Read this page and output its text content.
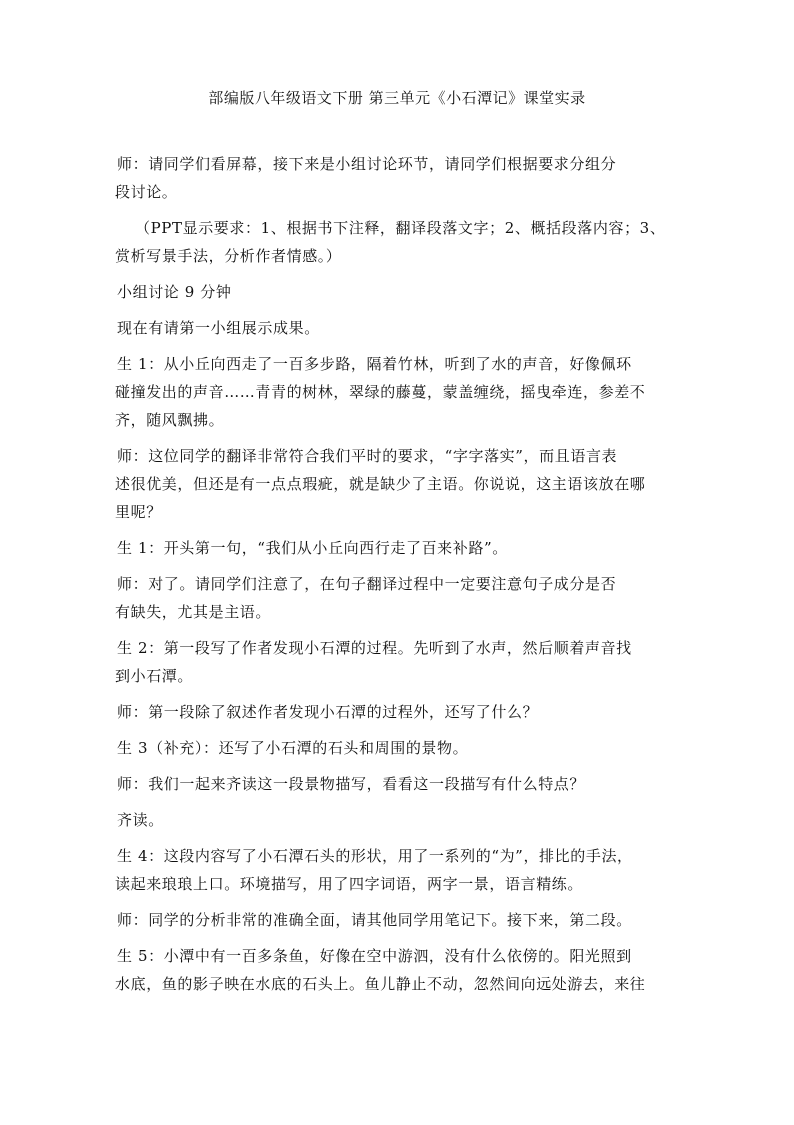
部编版八年级语文下册 第三单元《小石潭记》课堂实录
师：请同学们看屏幕，接下来是小组讨论环节，请同学们根据要求分组分
段讨论。
（PPT显示要求：1、根据书下注释，翻译段落文字；2、概括段落内容；3、
赏析写景手法，分析作者情感。）
小组讨论 9 分钟
现在有请第一小组展示成果。
生 1：从小丘向西走了一百多步路，隔着竹林，听到了水的声音，好像佩环
碰撞发出的声音……青青的树林，翠绿的藤蔓，蒙盖缠绕，摇曳牵连，参差不
齐，随风飘拂。
师：这位同学的翻译非常符合我们平时的要求，“字字落实”，而且语言表
述很优美，但还是有一点点瑕疵，就是缺少了主语。你说说，这主语该放在哪
里呢？
生 1：开头第一句，“我们从小丘向西行走了百来补路”。
师：对了。请同学们注意了，在句子翻译过程中一定要注意句子成分是否
有缺失，尤其是主语。
生 2：第一段写了作者发现小石潭的过程。先听到了水声，然后顺着声音找
到小石潭。
师：第一段除了叙述作者发现小石潭的过程外，还写了什么？
生 3（补充）：还写了小石潭的石头和周围的景物。
师：我们一起来齐读这一段景物描写，看看这一段描写有什么特点？
齐读。
生 4：这段内容写了小石潭石头的形状，用了一系列的“为”，排比的手法，
读起来琅琅上口。环境描写，用了四字词语，两字一景，语言精练。
师：同学的分析非常的准确全面，请其他同学用笔记下。接下来，第二段。
生 5：小潭中有一百多条鱼，好像在空中游泗，没有什么依傍的。阳光照到
水底，鱼的影子映在水底的石头上。鱼儿静止不动，忽然间向远处游去，来往
